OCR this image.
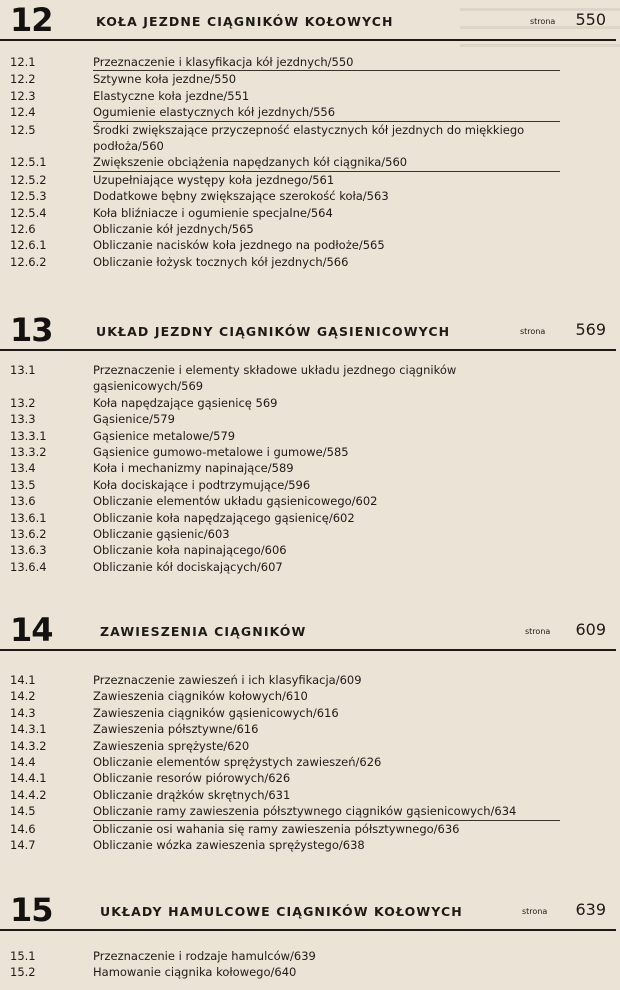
12	KOŁA JEZDNE CIĄGNIKÓW KOŁOWYCH	strona 550
12.1	Przeznaczenie i klasyfikacja kół jezdnych/550
12.2	Sztywne koła jezdne/550
12.3	Elastyczne koła jezdne/551
12.4	Ogumienie elastycznych kół jezdnych/556
12.5	Środki zwiększające przyczepność elastycznych kół jezdnych do miękkiego podłoża/560
12.5.1	Zwiększenie obciążenia napędzanych kół ciągnika/560
12.5.2	Uzupełniające występy koła jezdnego/561
12.5.3	Dodatkowe bębny zwiększające szerokość koła/563
12.5.4	Koła bliźniacze i ogumienie specjalne/564
12.6	Obliczanie kół jezdnych/565
12.6.1	Obliczanie nacisków koła jezdnego na podłoże/565
12.6.2	Obliczanie łożysk tocznych kół jezdnych/566
13	UKŁAD JEZDNY CIĄGNIKÓW GĄSIENICOWYCH	strona 569
13.1	Przeznaczenie i elementy składowe układu jezdnego ciągników gąsienicowych/569
13.2	Koła napędzające gąsienicę 569
13.3	Gąsienice/579
13.3.1	Gąsienice metalowe/579
13.3.2	Gąsienice gumowo-metalowe i gumowe/585
13.4	Koła i mechanizmy napinające/589
13.5	Koła dociskające i podtrzymujące/596
13.6	Obliczanie elementów układu gąsienicowego/602
13.6.1	Obliczanie koła napędzającego gąsienicę/602
13.6.2	Obliczanie gąsienic/603
13.6.3	Obliczanie koła napinającego/606
13.6.4	Obliczanie kół dociskających/607
14	ZAWIESZENIA CIĄGNIKÓW	strona 609
14.1	Przeznaczenie zawieszeń i ich klasyfikacja/609
14.2	Zawieszenia ciągników kołowych/610
14.3	Zawieszenia ciągników gąsienicowych/616
14.3.1	Zawieszenia półsztywne/616
14.3.2	Zawieszenia sprężyste/620
14.4	Obliczanie elementów sprężystych zawieszeń/626
14.4.1	Obliczanie resorów piórowych/626
14.4.2	Obliczanie drążków skrętnych/631
14.5	Obliczanie ramy zawieszenia półsztywnego ciągników gąsienicowych/634
14.6	Obliczanie osi wahania się ramy zawieszenia półsztywnego/636
14.7	Obliczanie wózka zawieszenia sprężystego/638
15	UKŁADY HAMULCOWE CIĄGNIKÓW KOŁOWYCH	strona 639
15.1	Przeznaczenie i rodzaje hamulców/639
15.2	Hamowanie ciągnika kołowego/640
